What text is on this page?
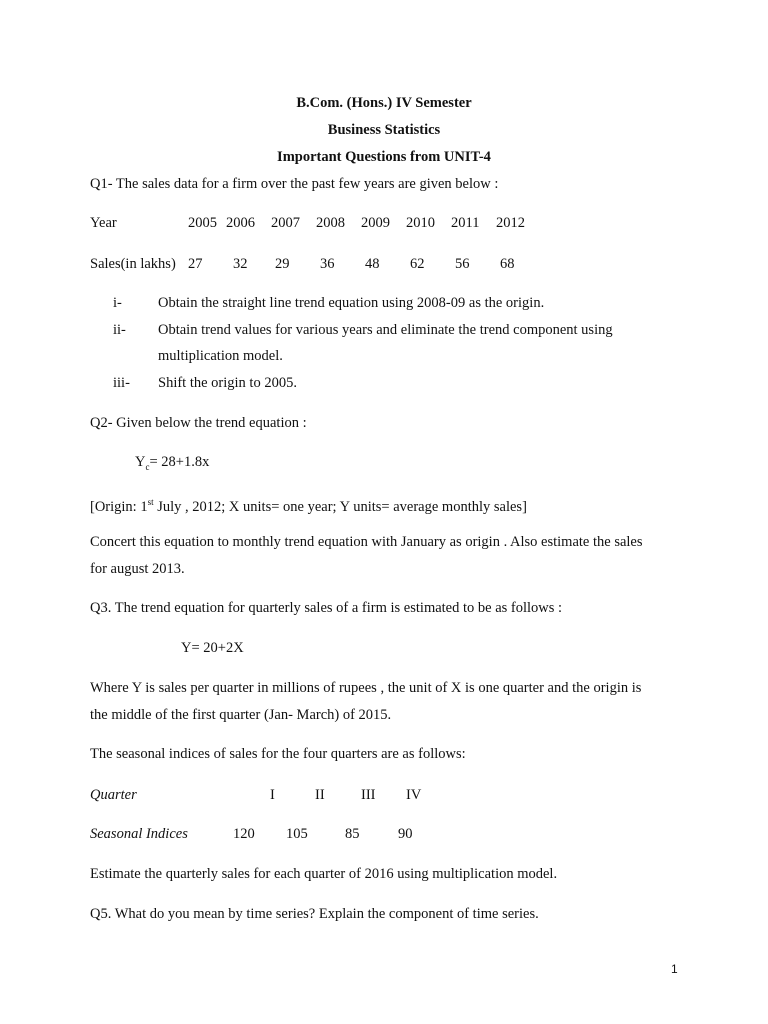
B.Com. (Hons.) IV Semester
Business Statistics
Important Questions from UNIT-4
Q1- The sales data for a firm over the past few years are given below :
Year	2005 2006 2007 2008 2009 2010 2011 2012
Sales(in lakhs) 27 32 29 36 48 62 56 68
i- Obtain the straight line trend equation using 2008-09 as the origin.
ii- Obtain trend values for various years and eliminate the trend component using
multiplication model.
iii- Shift the origin to 2005.
Q2- Given below the trend equation :
$Y_c= 28+1.8x$
[Origin: 1st July , 2012; X units= one year; Y units= average monthly sales]
Concert this equation to monthly trend equation with January as origin . Also estimate the sales
for august 2013.
Q3. The trend equation for quarterly sales of a firm is estimated to be as follows :
Y= 20+2X
Where Y is sales per quarter in millions of rupees , the unit of X is one quarter and the origin is
the middle of the first quarter (Jan- March) of 2015.
The seasonal indices of sales for the four quarters are as follows:
Quarter	I	II	III IV
Seasonal Indices	120 105	85	90
Estimate the quarterly sales for each quarter of 2016 using multiplication model.
Q5. What do you mean by time series? Explain the component of time series.
1
